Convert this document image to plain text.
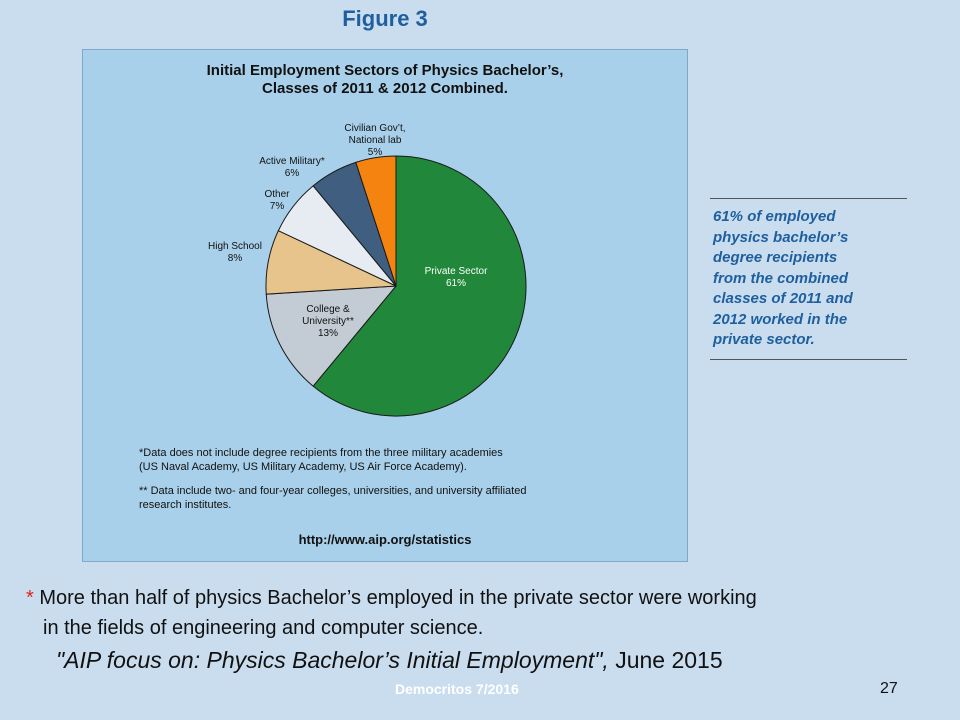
Figure 3
Initial Employment Sectors of Physics Bachelor’s,
Classes of 2011 & 2012 Combined.
Private Sector 61%
College & University** 13%
High School 8%
Other 7%
Active Military* 6%
Civilian Gov’t, National lab 5%

*Data does not include degree recipients from the three military academies
(US Naval Academy, US Military Academy, US Air Force Academy).

** Data include two- and four-year colleges, universities, and university affiliated
research institutes.

http://www.aip.org/statistics
61% of employed
physics bachelor’s
degree recipients
from the combined
classes of 2011 and
2012 worked in the
private sector.
* More than half of physics Bachelor’s employed in the private sector were working
in the fields of engineering and computer science.
"AIP focus on: Physics Bachelor’s Initial Employment", June 2015
Democritos 7/2016	27
